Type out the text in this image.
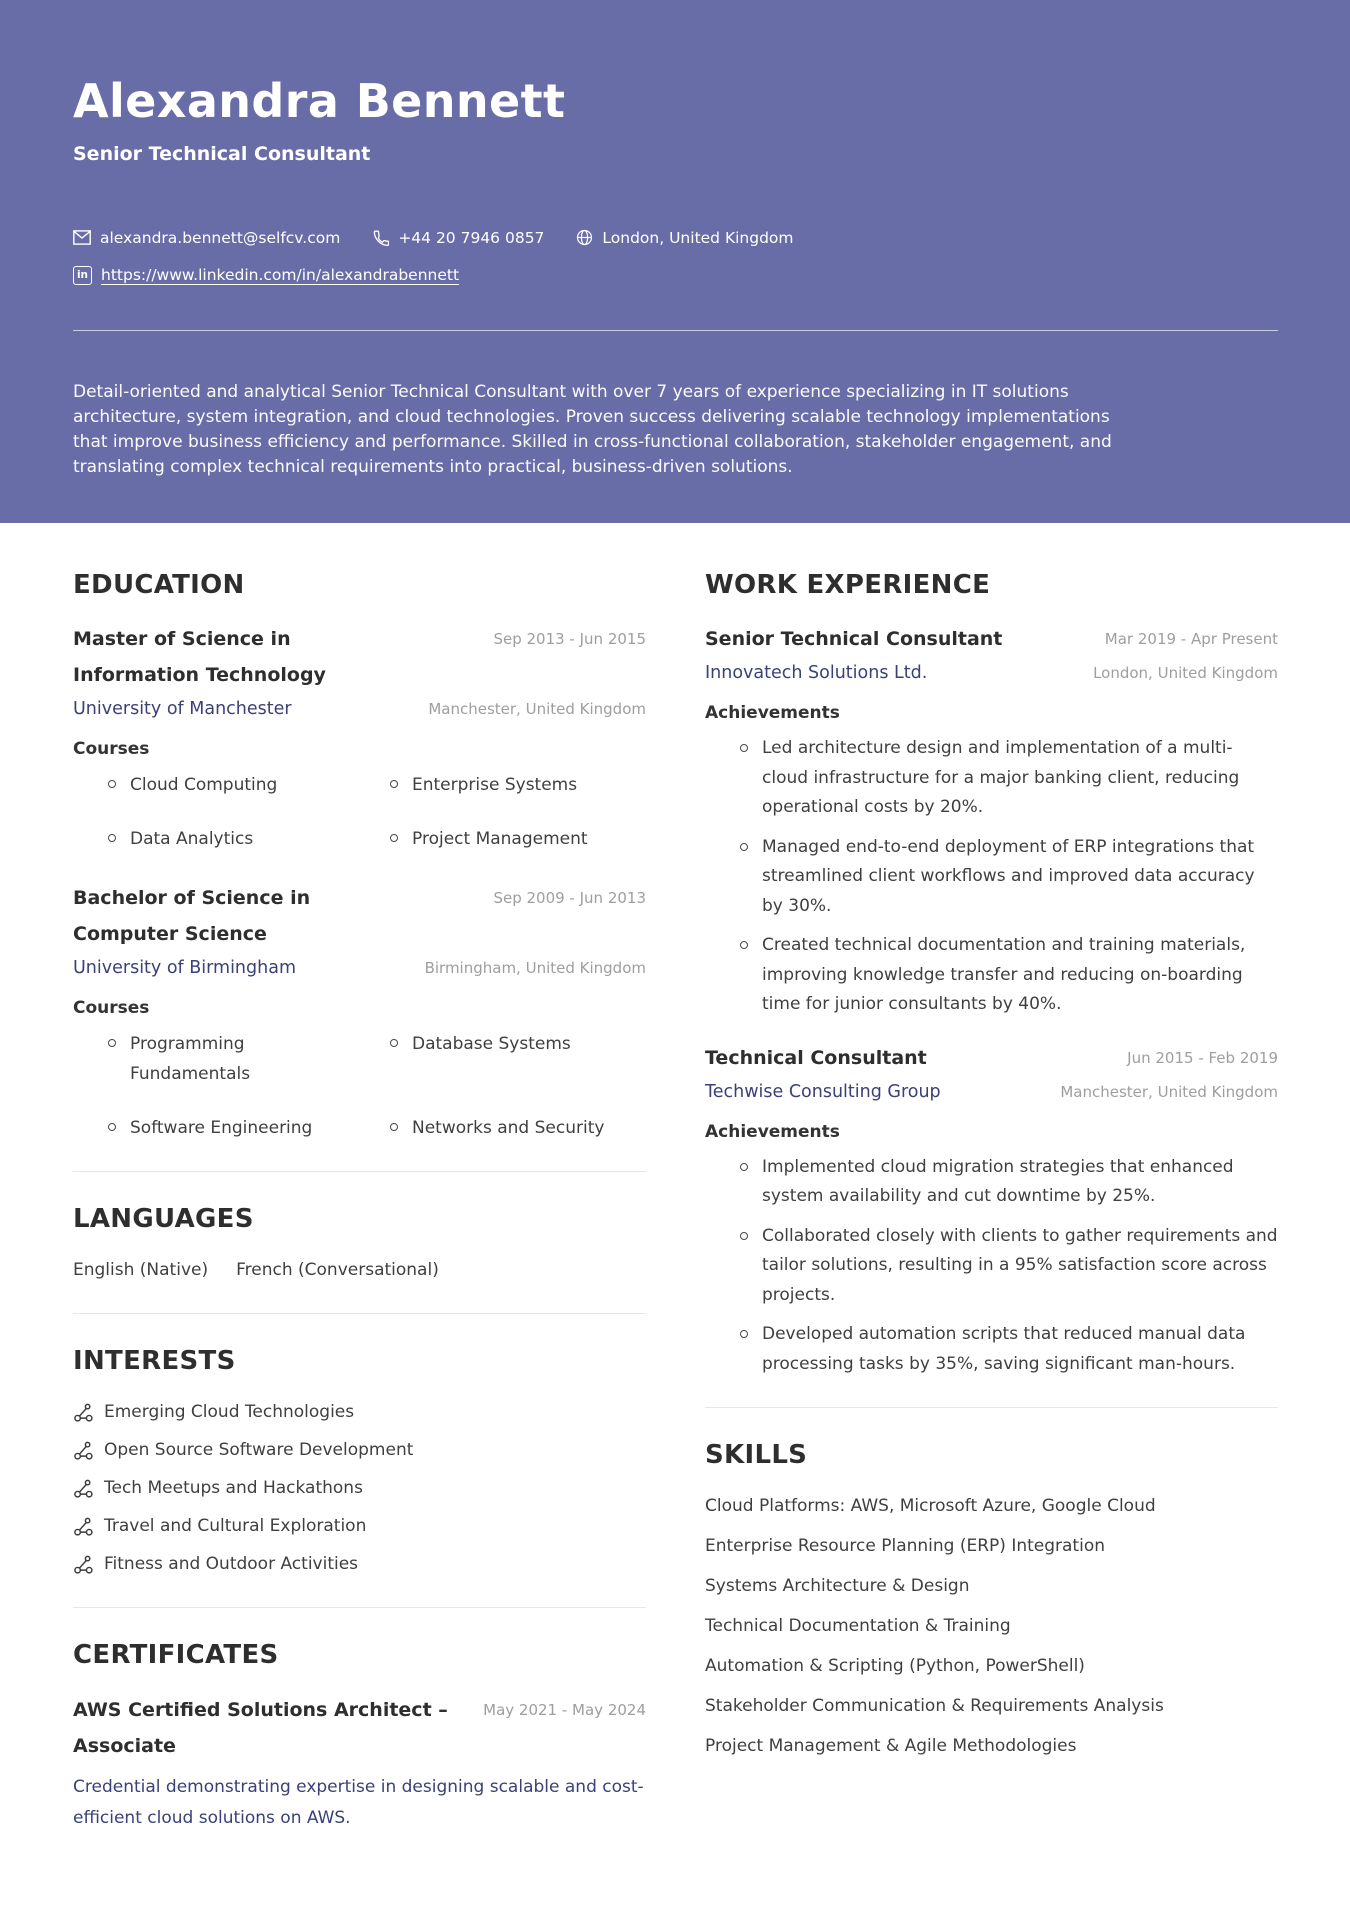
Alexandra Bennett
Senior Technical Consultant
alexandra.bennett@selfcv.com	+44 20 7946 0857	London, United Kingdom
in https://www.linkedin.com/in/alexandrabennett

Detail-oriented and analytical Senior Technical Consultant with over 7 years of experience specializing in IT solutions architecture, system integration, and cloud technologies. Proven success delivering scalable technology implementations that improve business efficiency and performance. Skilled in cross-functional collaboration, stakeholder engagement, and translating complex technical requirements into practical, business-driven solutions.

EDUCATION
Master of Science in Information Technology
Sep 2013 - Jun 2015
University of Manchester	Manchester, United Kingdom
Courses
Cloud Computing	Enterprise Systems
Data Analytics	Project Management
Bachelor of Science in Computer Science
Sep 2009 - Jun 2013
University of Birmingham	Birmingham, United Kingdom
Courses
Programming Fundamentals
Database Systems
Software Engineering	Networks and Security
LANGUAGES
English (Native) French (Conversational)
INTERESTS
Emerging Cloud Technologies
Open Source Software Development
Tech Meetups and Hackathons
Travel and Cultural Exploration
Fitness and Outdoor Activities
CERTIFICATES
AWS Certified Solutions Architect – Associate
May 2021 - May 2024

Credential demonstrating expertise in designing scalable and cost-efficient cloud solutions on AWS.

WORK EXPERIENCE
Senior Technical Consultant	Mar 2019 - Apr Present
Innovatech Solutions Ltd.	London, United Kingdom
Achievements
Led architecture design and implementation of a multi-cloud infrastructure for a major banking client, reducing operational costs by 20%.
Managed end-to-end deployment of ERP integrations that streamlined client workflows and improved data accuracy by 30%.
Created technical documentation and training materials, improving knowledge transfer and reducing on-boarding time for junior consultants by 40%.
Technical Consultant	Jun 2015 - Feb 2019
Techwise Consulting Group	Manchester, United Kingdom
Achievements
Implemented cloud migration strategies that enhanced system availability and cut downtime by 25%.
Collaborated closely with clients to gather requirements and tailor solutions, resulting in a 95% satisfaction score across projects.
Developed automation scripts that reduced manual data processing tasks by 35%, saving significant man-hours.
SKILLS
Cloud Platforms: AWS, Microsoft Azure, Google Cloud
Enterprise Resource Planning (ERP) Integration
Systems Architecture & Design
Technical Documentation & Training
Automation & Scripting (Python, PowerShell)
Stakeholder Communication & Requirements Analysis
Project Management & Agile Methodologies
